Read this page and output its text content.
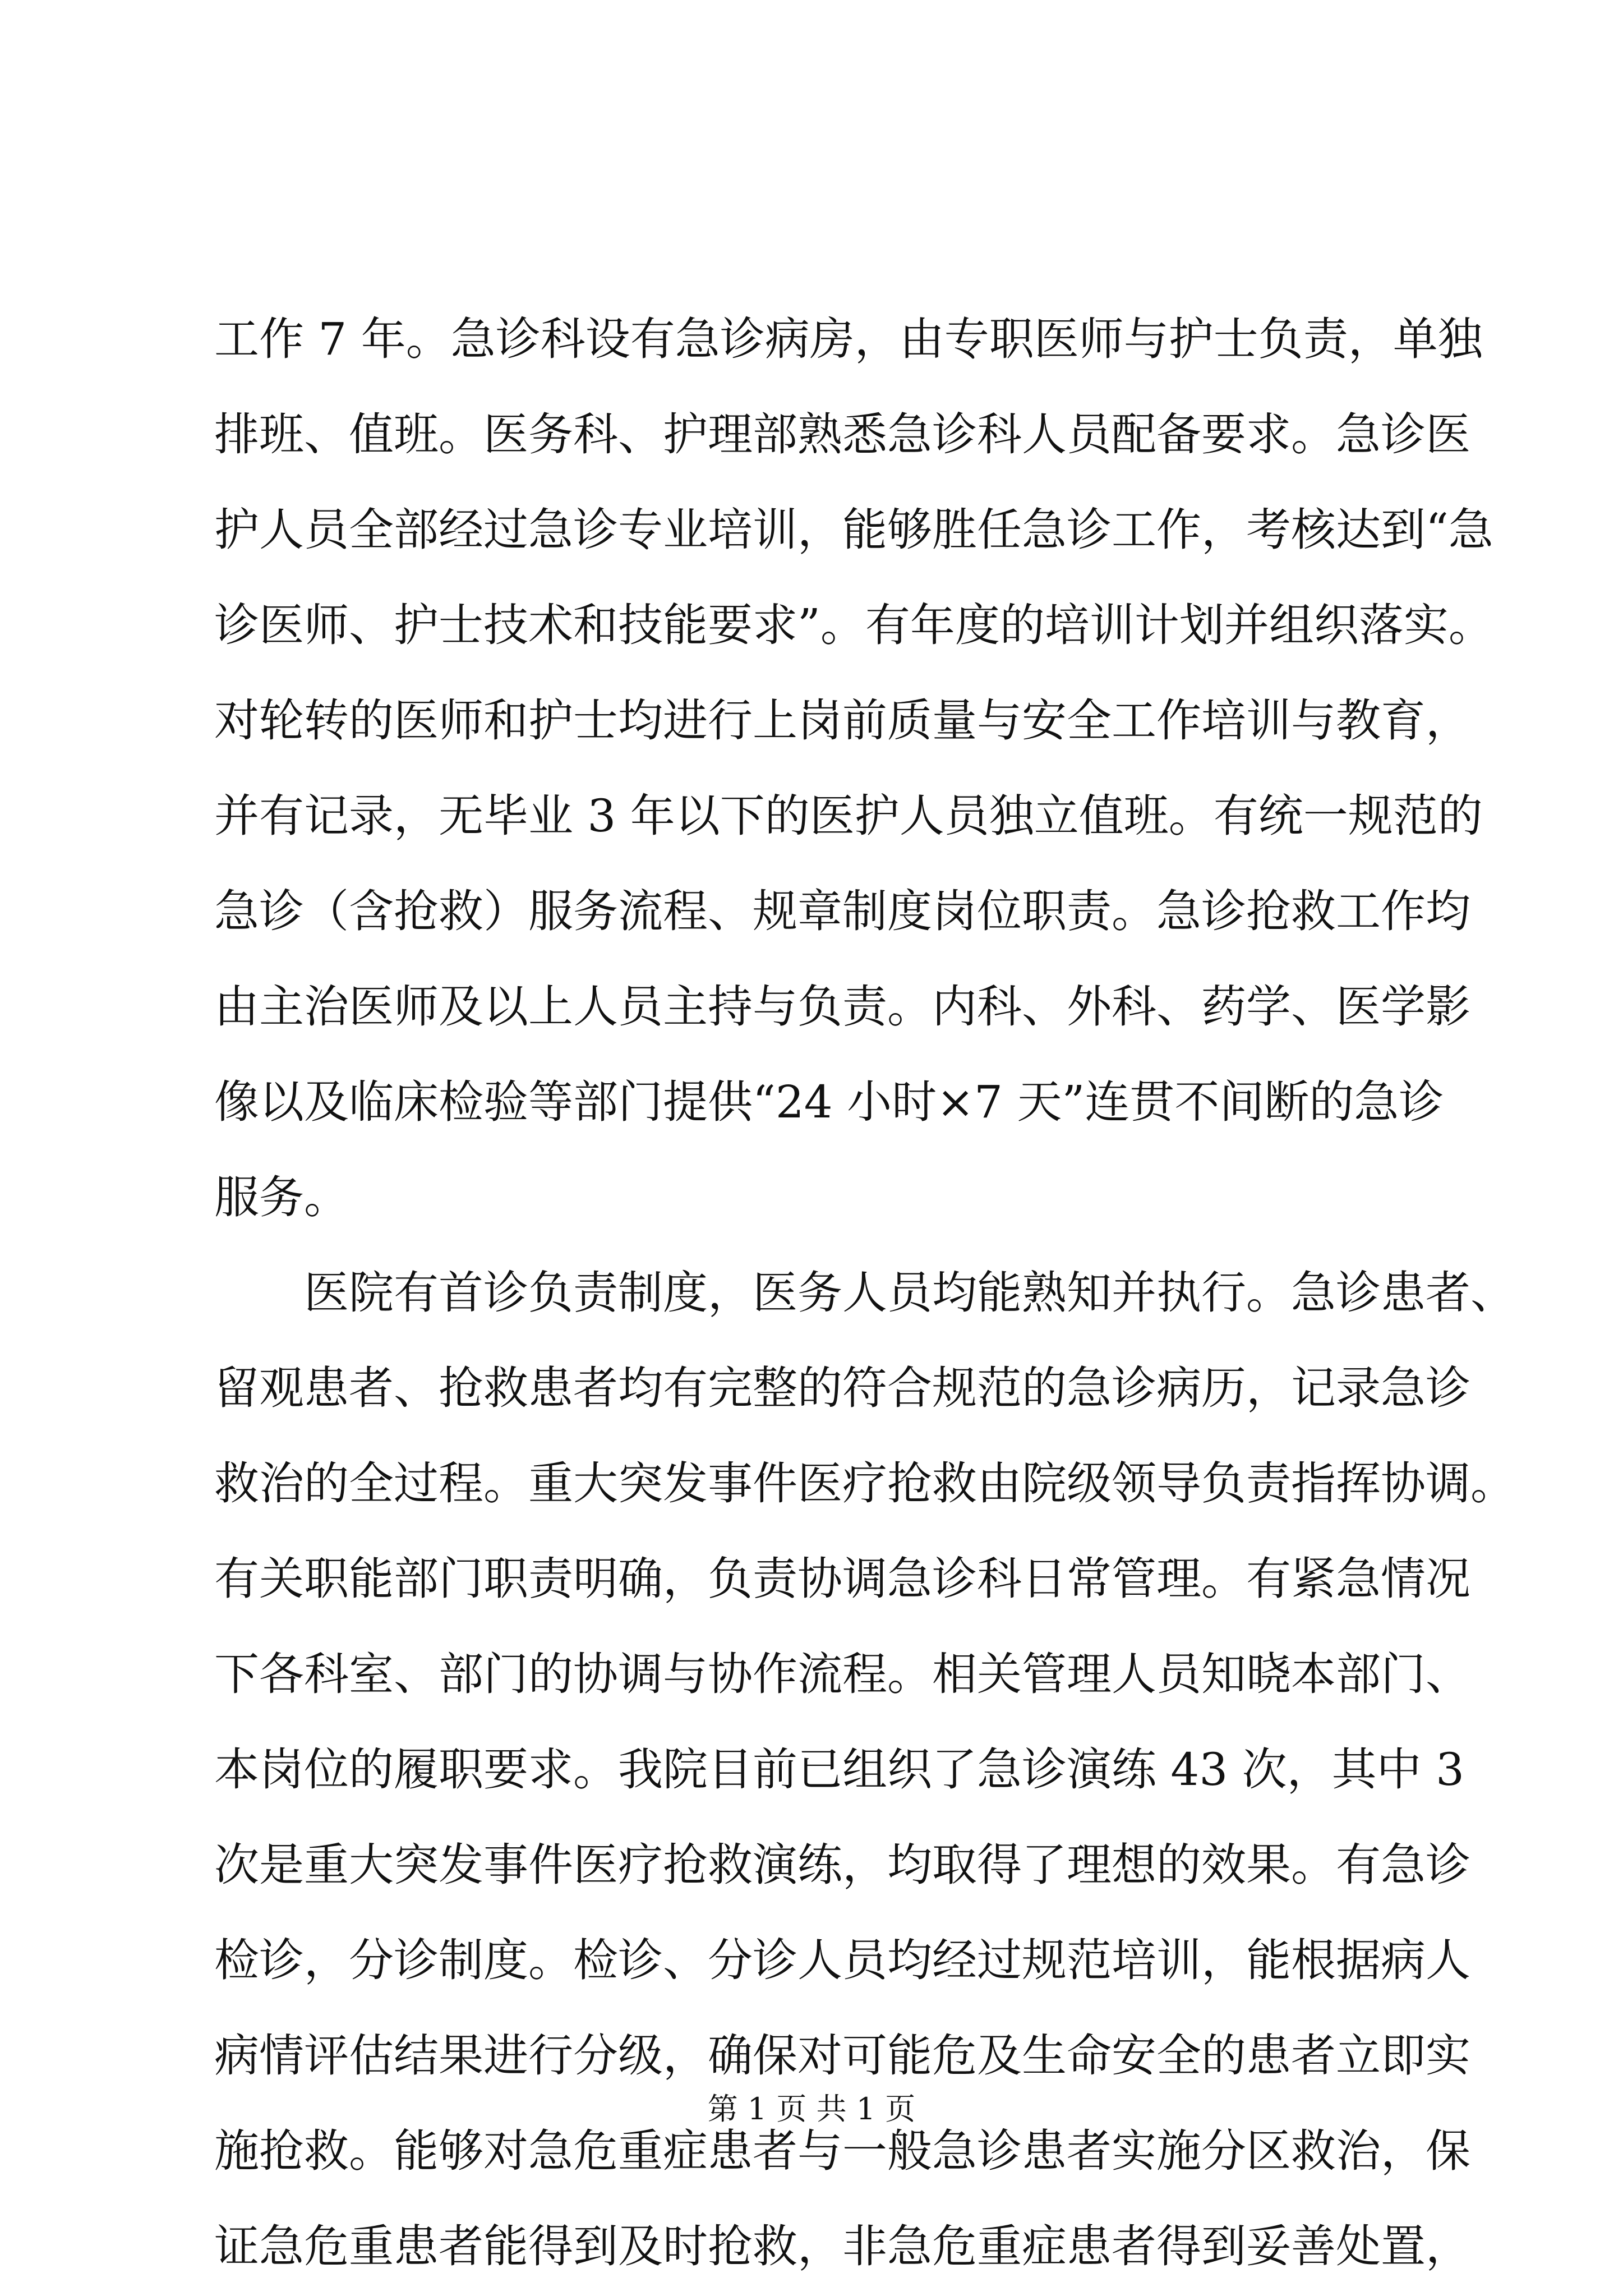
工作 7 年。急诊科设有急诊病房，由专职医师与护士负责，单独
排班、值班。医务科、护理部熟悉急诊科人员配备要求。急诊医
护人员全部经过急诊专业培训，能够胜任急诊工作，考核达到“急
诊医师、护士技术和技能要求”。有年度的培训计划并组织落实。
对轮转的医师和护士均进行上岗前质量与安全工作培训与教育，
并有记录，无毕业 3 年以下的医护人员独立值班。有统一规范的
急诊（含抢救）服务流程、规章制度岗位职责。急诊抢救工作均
由主治医师及以上人员主持与负责。内科、外科、药学、医学影
像以及临床检验等部门提供“24 小时×7 天”连贯不间断的急诊
服务。
医院有首诊负责制度，医务人员均能熟知并执行。急诊患者、
留观患者、抢救患者均有完整的符合规范的急诊病历，记录急诊
救治的全过程。重大突发事件医疗抢救由院级领导负责指挥协调。
有关职能部门职责明确，负责协调急诊科日常管理。有紧急情况
下各科室、部门的协调与协作流程。相关管理人员知晓本部门、
本岗位的履职要求。我院目前已组织了急诊演练 43 次，其中 3
次是重大突发事件医疗抢救演练，均取得了理想的效果。有急诊
检诊，分诊制度。检诊、分诊人员均经过规范培训，能根据病人
病情评估结果进行分级，确保对可能危及生命安全的患者立即实
施抢救。能够对急危重症患者与一般急诊患者实施分区救治，保
证急危重患者能得到及时抢救，非急危重症患者得到妥善处置，
第 1 页 共 1 页
